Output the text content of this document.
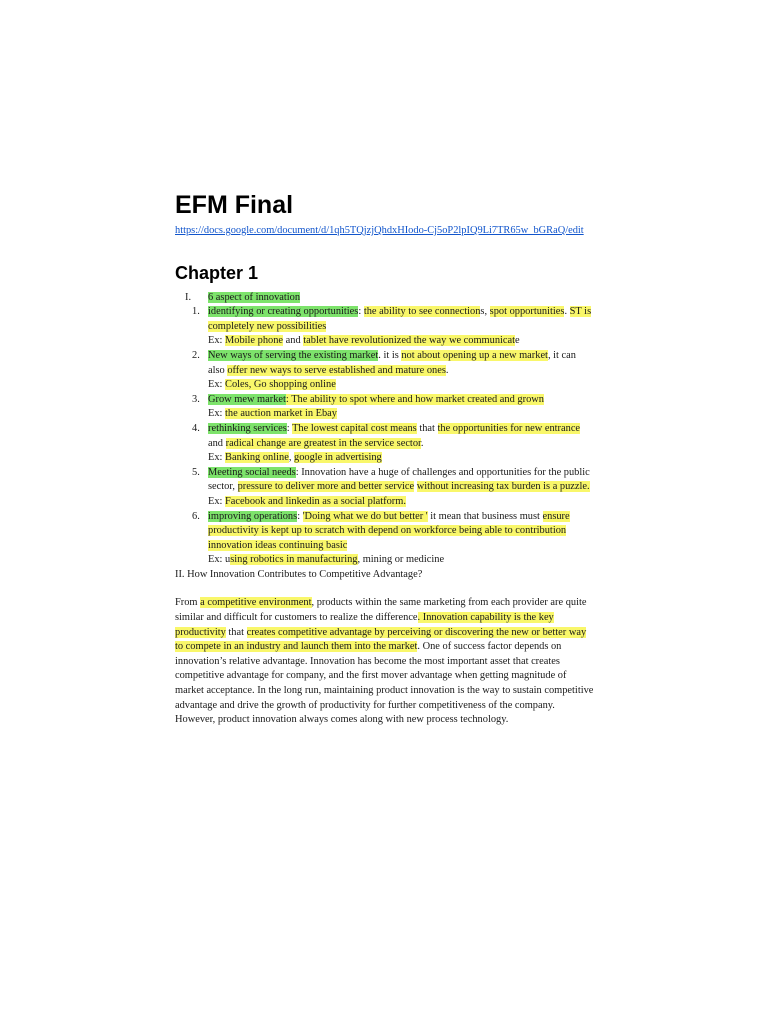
EFM Final
https://docs.google.com/document/d/1qh5TQjzjQhdxHIodo-Cj5oP2lpIQ9Li7TR65w_bGRaQ/edit
Chapter 1
I. 6 aspect of innovation
1. identifying or creating opportunities: the ability to see connections, spot opportunities. ST is completely new possibilities
Ex: Mobile phone and tablet have revolutionized the way we communicate
2. New ways of serving the existing market. it is not about opening up a new market, it can also offer new ways to serve established and mature ones.
Ex: Coles, Go shopping online
3. Grow mew market: The ability to spot where and how market created and grown
Ex: the auction market in Ebay
4. rethinking services: The lowest capital cost means that the opportunities for new entrance and radical change are greatest in the service sector.
Ex: Banking online, google in advertising
5. Meeting social needs: Innovation have a huge of challenges and opportunities for the public sector, pressure to deliver more and better service without increasing tax burden is a puzzle.
Ex: Facebook and linkedin as a social platform.
6. improving operations: 'Doing what we do but better ' it mean that business must ensure productivity is kept up to scratch with depend on workforce being able to contribution innovation ideas continuing basic
Ex: using robotics in manufacturing, mining or medicine
II. How Innovation Contributes to Competitive Advantage?
From a competitive environment, products within the same marketing from each provider are quite similar and difficult for customers to realize the difference. Innovation capability is the key productivity that creates competitive advantage by perceiving or discovering the new or better way to compete in an industry and launch them into the market. One of success factor depends on innovation’s relative advantage. Innovation has become the most important asset that creates competitive advantage for company, and the first mover advantage when getting magnitude of market acceptance. In the long run, maintaining product innovation is the way to sustain competitive advantage and drive the growth of productivity for further competitiveness of the company. However, product innovation always comes along with new process technology.
